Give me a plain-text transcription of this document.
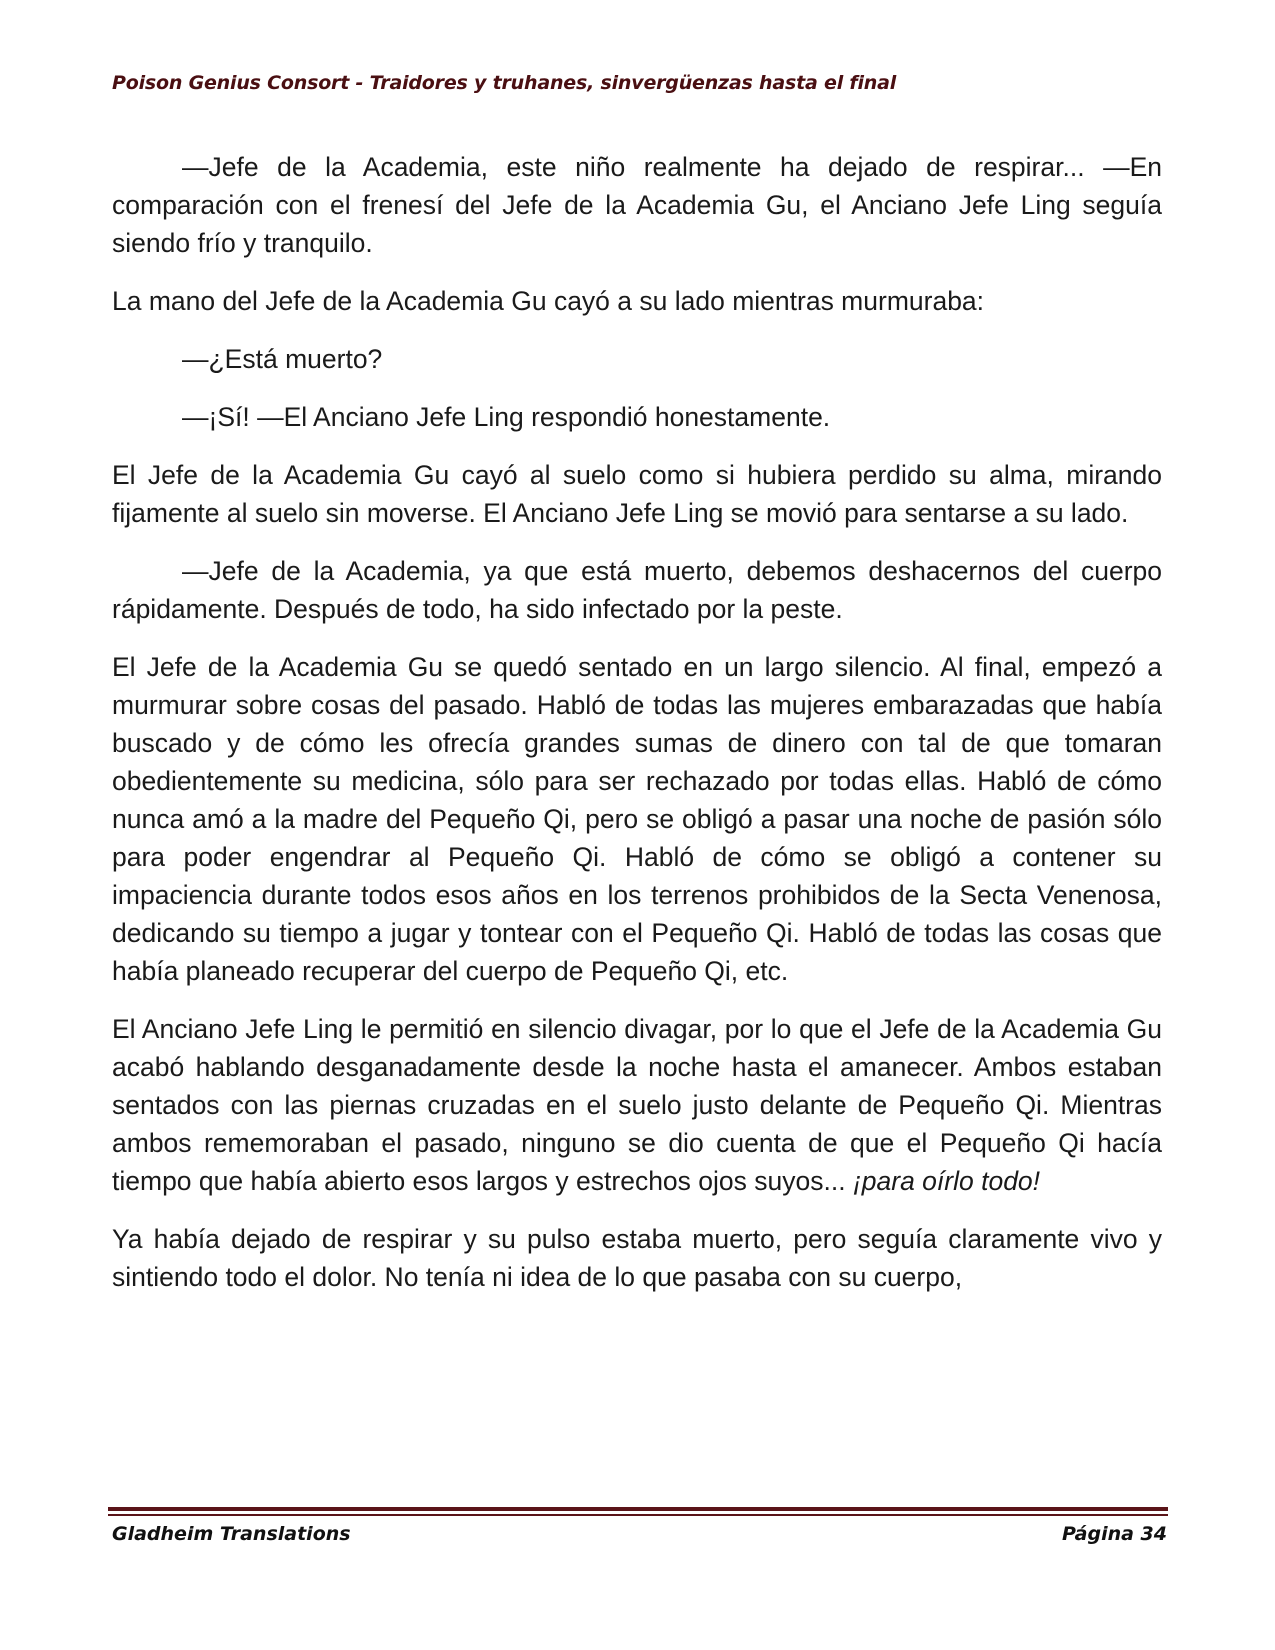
Poison Genius Consort - Traidores y truhanes, sinvergüenzas hasta el final

—Jefe de la Academia, este niño realmente ha dejado de respirar... —En comparación con el frenesí del Jefe de la Academia Gu, el Anciano Jefe Ling seguía siendo frío y tranquilo.

La mano del Jefe de la Academia Gu cayó a su lado mientras murmuraba:

—¿Está muerto?

—¡Sí! —El Anciano Jefe Ling respondió honestamente.

El Jefe de la Academia Gu cayó al suelo como si hubiera perdido su alma, mirando fijamente al suelo sin moverse. El Anciano Jefe Ling se movió para sentarse a su lado.

—Jefe de la Academia, ya que está muerto, debemos deshacernos del cuerpo rápidamente. Después de todo, ha sido infectado por la peste.

El Jefe de la Academia Gu se quedó sentado en un largo silencio. Al final, empezó a murmurar sobre cosas del pasado. Habló de todas las mujeres embarazadas que había buscado y de cómo les ofrecía grandes sumas de dinero con tal de que tomaran obedientemente su medicina, sólo para ser rechazado por todas ellas. Habló de cómo nunca amó a la madre del Pequeño Qi, pero se obligó a pasar una noche de pasión sólo para poder engendrar al Pequeño Qi. Habló de cómo se obligó a contener su impaciencia durante todos esos años en los terrenos prohibidos de la Secta Venenosa, dedicando su tiempo a jugar y tontear con el Pequeño Qi. Habló de todas las cosas que había planeado recuperar del cuerpo de Pequeño Qi, etc.

El Anciano Jefe Ling le permitió en silencio divagar, por lo que el Jefe de la Academia Gu acabó hablando desganadamente desde la noche hasta el amanecer. Ambos estaban sentados con las piernas cruzadas en el suelo justo delante de Pequeño Qi. Mientras ambos rememoraban el pasado, ninguno se dio cuenta de que el Pequeño Qi hacía tiempo que había abierto esos largos y estrechos ojos suyos... ¡para oírlo todo!

Ya había dejado de respirar y su pulso estaba muerto, pero seguía claramente vivo y sintiendo todo el dolor. No tenía ni idea de lo que pasaba con su cuerpo,

Gladheim Translations	Página 34
